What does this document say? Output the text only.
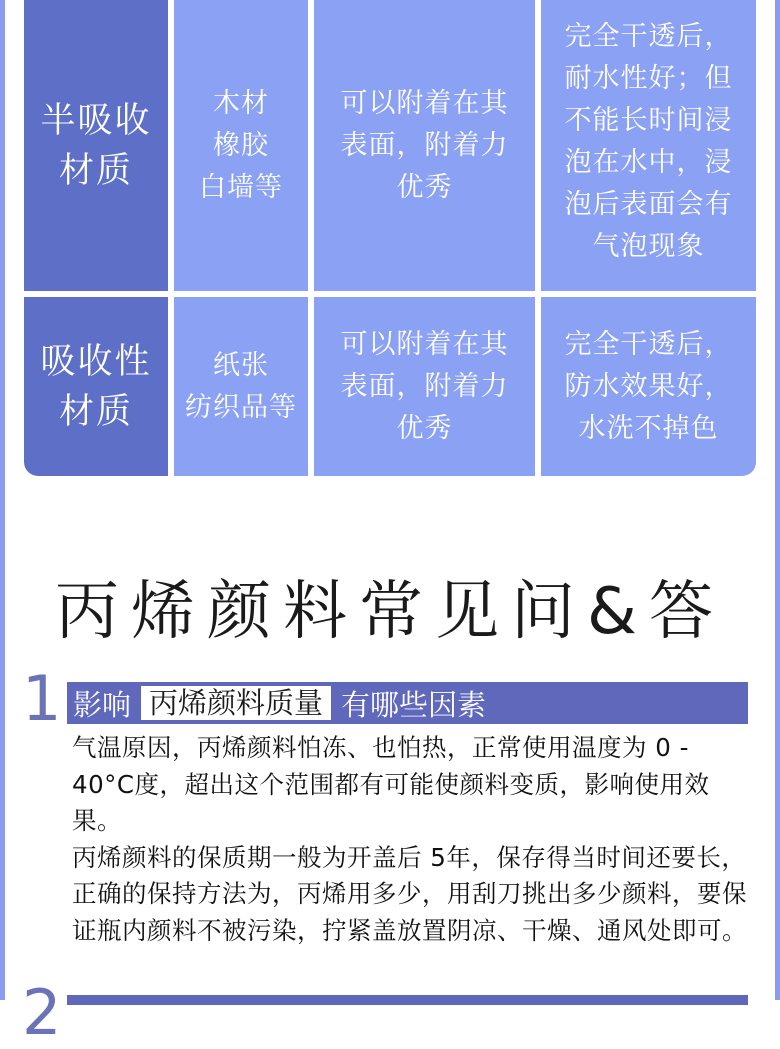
半吸收
材质
木材
橡胶
白墙等
可以附着在其
表面，附着力
优秀
完全干透后，
耐水性好；但
不能长时间浸
泡在水中，浸
泡后表面会有
气泡现象
吸收性
材质
纸张
纺织品等
可以附着在其
表面，附着力
优秀
完全干透后，
防水效果好，
水洗不掉色
丙烯颜料常见问&答
1 影响 丙烯颜料质量 有哪些因素

气温原因，丙烯颜料怕冻、也怕热，正常使用温度为 0 - 40°C度，超出这个范围都有可能使颜料变质，影响使用效果。

丙烯颜料的保质期一般为开盖后 5年，保存得当时间还要长，正确的保持方法为，丙烯用多少，用刮刀挑出多少颜料，要保证瓶内颜料不被污染，拧紧盖放置阴凉、干燥、通风处即可。

2
